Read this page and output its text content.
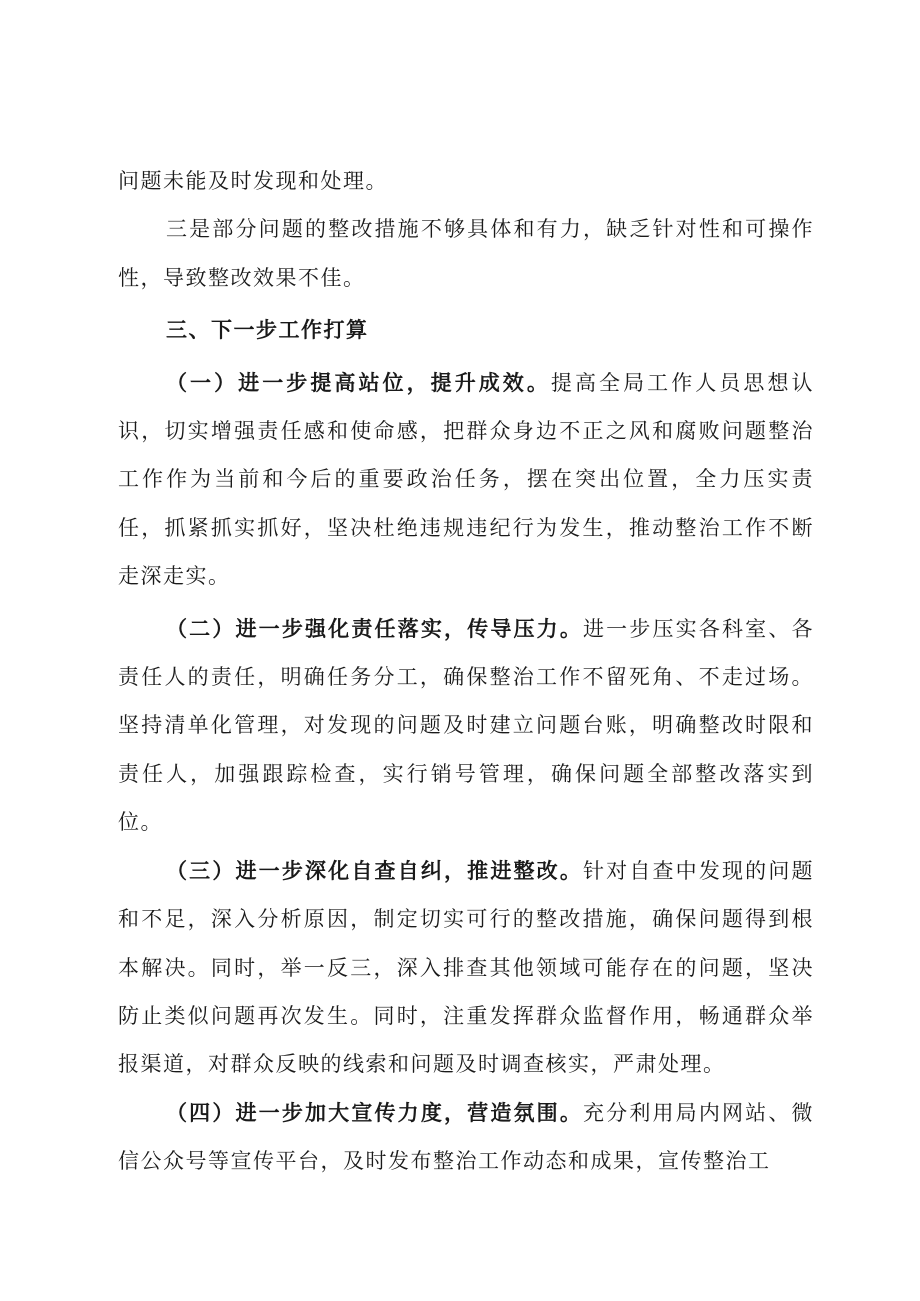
问题未能及时发现和处理。

三是部分问题的整改措施不够具体和有力，缺乏针对性和可操作性，导致整改效果不佳。

三、下一步工作打算

（一）进一步提高站位，提升成效。提高全局工作人员思想认识，切实增强责任感和使命感，把群众身边不正之风和腐败问题整治工作作为当前和今后的重要政治任务，摆在突出位置，全力压实责任，抓紧抓实抓好，坚决杜绝违规违纪行为发生，推动整治工作不断走深走实。

（二）进一步强化责任落实，传导压力。进一步压实各科室、各责任人的责任，明确任务分工，确保整治工作不留死角、不走过场。坚持清单化管理，对发现的问题及时建立问题台账，明确整改时限和责任人，加强跟踪检查，实行销号管理，确保问题全部整改落实到位。

（三）进一步深化自查自纠，推进整改。针对自查中发现的问题和不足，深入分析原因，制定切实可行的整改措施，确保问题得到根本解决。同时，举一反三，深入排查其他领域可能存在的问题，坚决防止类似问题再次发生。同时，注重发挥群众监督作用，畅通群众举报渠道，对群众反映的线索和问题及时调查核实，严肃处理。

（四）进一步加大宣传力度，营造氛围。充分利用局内网站、微信公众号等宣传平台，及时发布整治工作动态和成果，宣传整治工
